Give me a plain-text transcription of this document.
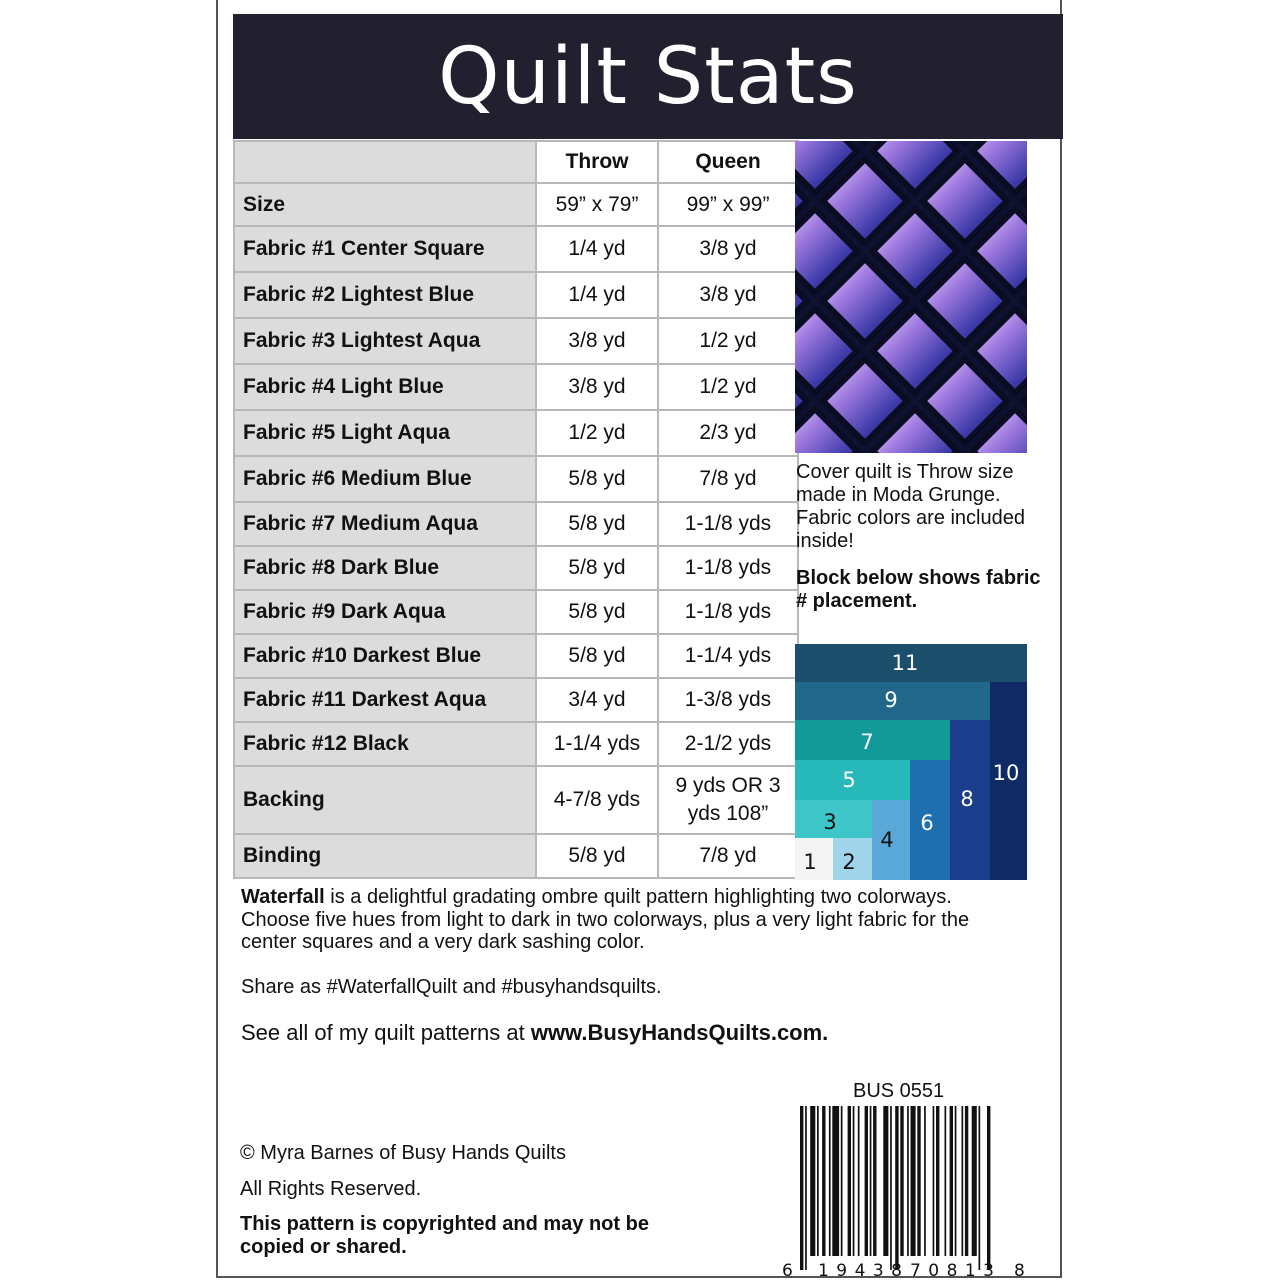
Quilt Stats
	Throw	Queen
Size	59” x 79”	99” x 99”
Fabric #1 Center Square	1/4 yd	3/8 yd
Fabric #2 Lightest Blue	1/4 yd	3/8 yd
Fabric #3 Lightest Aqua	3/8 yd	1/2 yd
Fabric #4 Light Blue	3/8 yd	1/2 yd
Fabric #5 Light Aqua	1/2 yd	2/3 yd
Fabric #6 Medium Blue	5/8 yd	7/8 yd
Fabric #7 Medium Aqua	5/8 yd	1-1/8 yds
Fabric #8 Dark Blue	5/8 yd	1-1/8 yds
Fabric #9 Dark Aqua	5/8 yd	1-1/8 yds
Fabric #10 Darkest Blue	5/8 yd	1-1/4 yds
Fabric #11 Darkest Aqua	3/4 yd	1-3/8 yds
Fabric #12 Black	1-1/4 yds	2-1/2 yds
Backing	4-7/8 yds	9 yds OR 3 yds 108”
Binding	5/8 yd	7/8 yd
Cover quilt is Throw size made in Moda Grunge. Fabric colors are included inside!
Block below shows fabric # placement.
11
10
9
8
7
6
5
4
3
2
1
Waterfall is a delightful gradating ombre quilt pattern highlighting two colorways. Choose five hues from light to dark in two colorways, plus a very light fabric for the center squares and a very dark sashing color.
Share as #WaterfallQuilt and #busyhandsquilts.
See all of my quilt patterns at www.BusyHandsQuilts.com.
© Myra Barnes of Busy Hands Quilts
All Rights Reserved.
This pattern is copyrighted and may not be copied or shared.
BUS 0551
6 19438 70813 8
